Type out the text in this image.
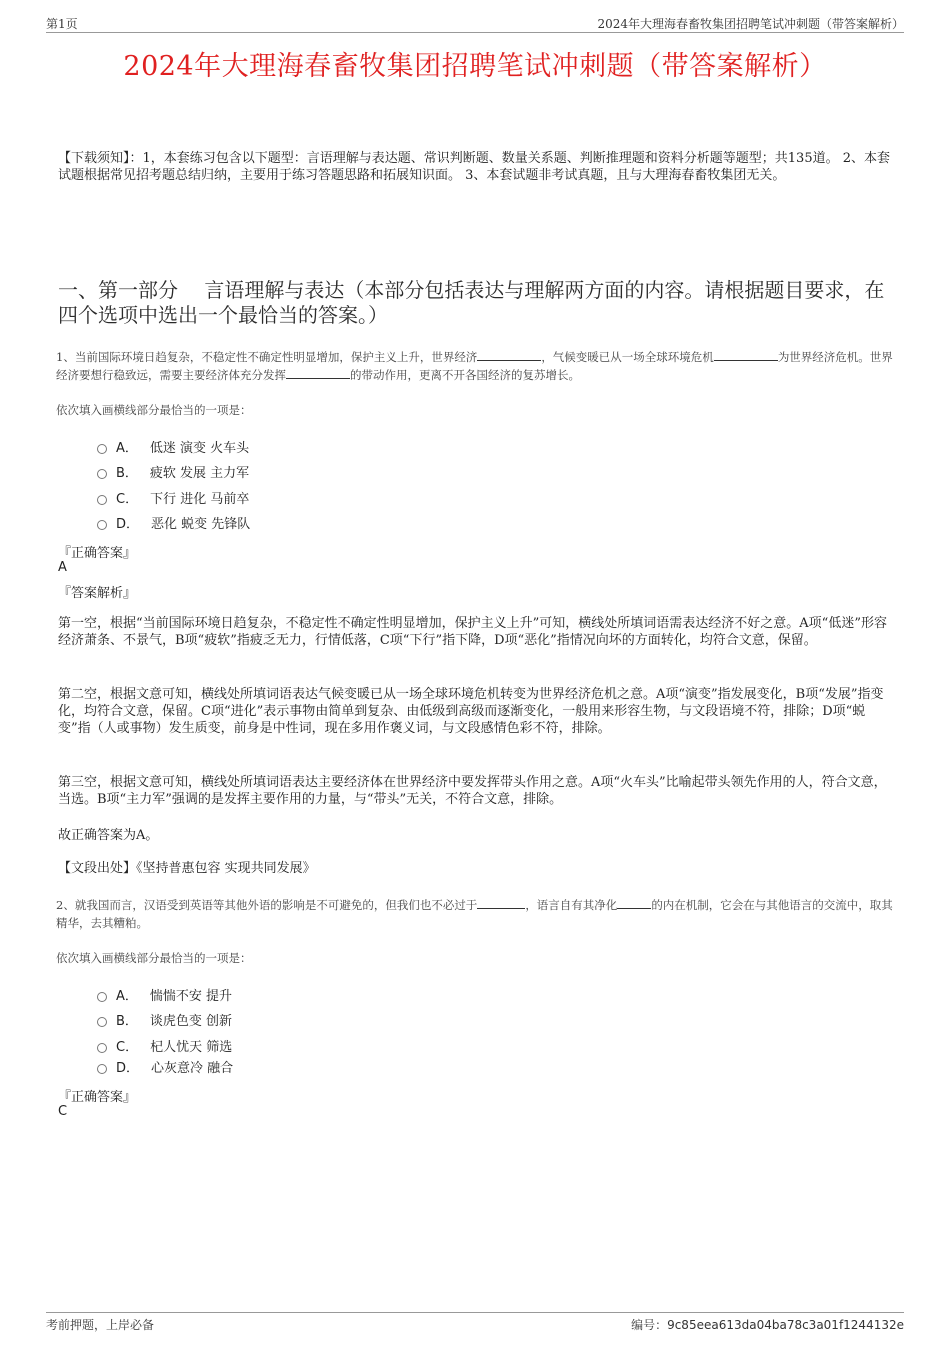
第1页	2024年大理海春畜牧集团招聘笔试冲刺题（带答案解析）
2024年大理海春畜牧集团招聘笔试冲刺题（带答案解析）
【下载须知】：1，本套练习包含以下题型：言语理解与表达题、常识判断题、数量关系题、判断推理题和资料分析题等题型；共135道。 2、本套试题根据常见招考题总结归纳，主要用于练习答题思路和拓展知识面。 3、本套试题非考试真题，且与大理海春畜牧集团无关。
一、第一部分　 言语理解与表达（本部分包括表达与理解两方面的内容。请根据题目要求，在四个选项中选出一个最恰当的答案。）
1、当前国际环境日趋复杂，不稳定性不确定性明显增加，保护主义上升，世界经济	，气候变暖已从一场全球环境危机	为世界经济危机。世界经济要想行稳致远，需要主要经济体充分发挥	的带动作用，更离不开各国经济的复苏增长。
依次填入画横线部分最恰当的一项是：
A． 低迷 演变 火车头
B． 疲软 发展 主力军
C． 下行 进化 马前卒
D． 恶化 蜕变 先锋队
『正确答案』
A
『答案解析』
第一空，根据“当前国际环境日趋复杂，不稳定性不确定性明显增加，保护主义上升”可知，横线处所填词语需表达经济不好之意。A项“低迷”形容经济萧条、不景气，B项“疲软”指疲乏无力，行情低落，C项“下行”指下降，D项“恶化”指情况向坏的方面转化，均符合文意，保留。
第二空，根据文意可知，横线处所填词语表达气候变暖已从一场全球环境危机转变为世界经济危机之意。A项“演变”指发展变化，B项“发展”指变化，均符合文意，保留。C项“进化”表示事物由简单到复杂、由低级到高级而逐渐变化，一般用来形容生物，与文段语境不符，排除；D项“蜕变”指（人或事物）发生质变，前身是中性词，现在多用作褒义词，与文段感情色彩不符，排除。
第三空，根据文意可知，横线处所填词语表达主要经济体在世界经济中要发挥带头作用之意。A项“火车头”比喻起带头领先作用的人，符合文意，当选。B项“主力军”强调的是发挥主要作用的力量，与“带头”无关，不符合文意，排除。
故正确答案为A。
【文段出处】《坚持普惠包容 实现共同发展》
2、就我国而言，汉语受到英语等其他外语的影响是不可避免的，但我们也不必过于	，语言自有其净化	的内在机制，它会在与其他语言的交流中，取其精华，去其糟粕。
依次填入画横线部分最恰当的一项是：
A． 惴惴不安 提升
B． 谈虎色变 创新
C． 杞人忧天 筛选
D． 心灰意冷 融合
『正确答案』
C
考前押题，上岸必备	编号：9c85eea613da04ba78c3a01f1244132e
